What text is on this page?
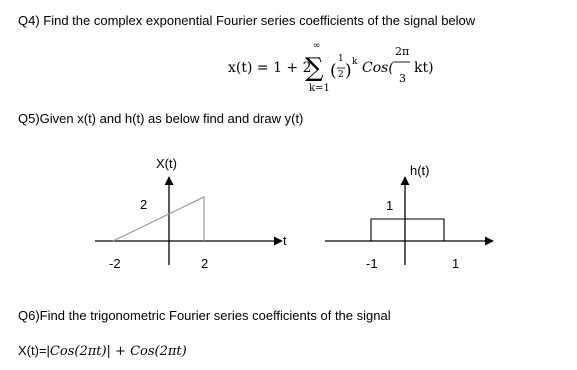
Q4) Find the complex exponential Fourier series coefficients of the signal below
x(t) = 1 + 2
∞
∑
k=1
(
1
2 ) k Cos(
2π
3
kt)
Q5)Given x(t) and h(t) as below find and draw y(t)
Q6)Find the trigonometric Fourier series coefficients of the signal
X(t)=|Cos(2πt)| + Cos(2πt)
X(t)
2
-2	2
t
h(t)
1
-1	1
